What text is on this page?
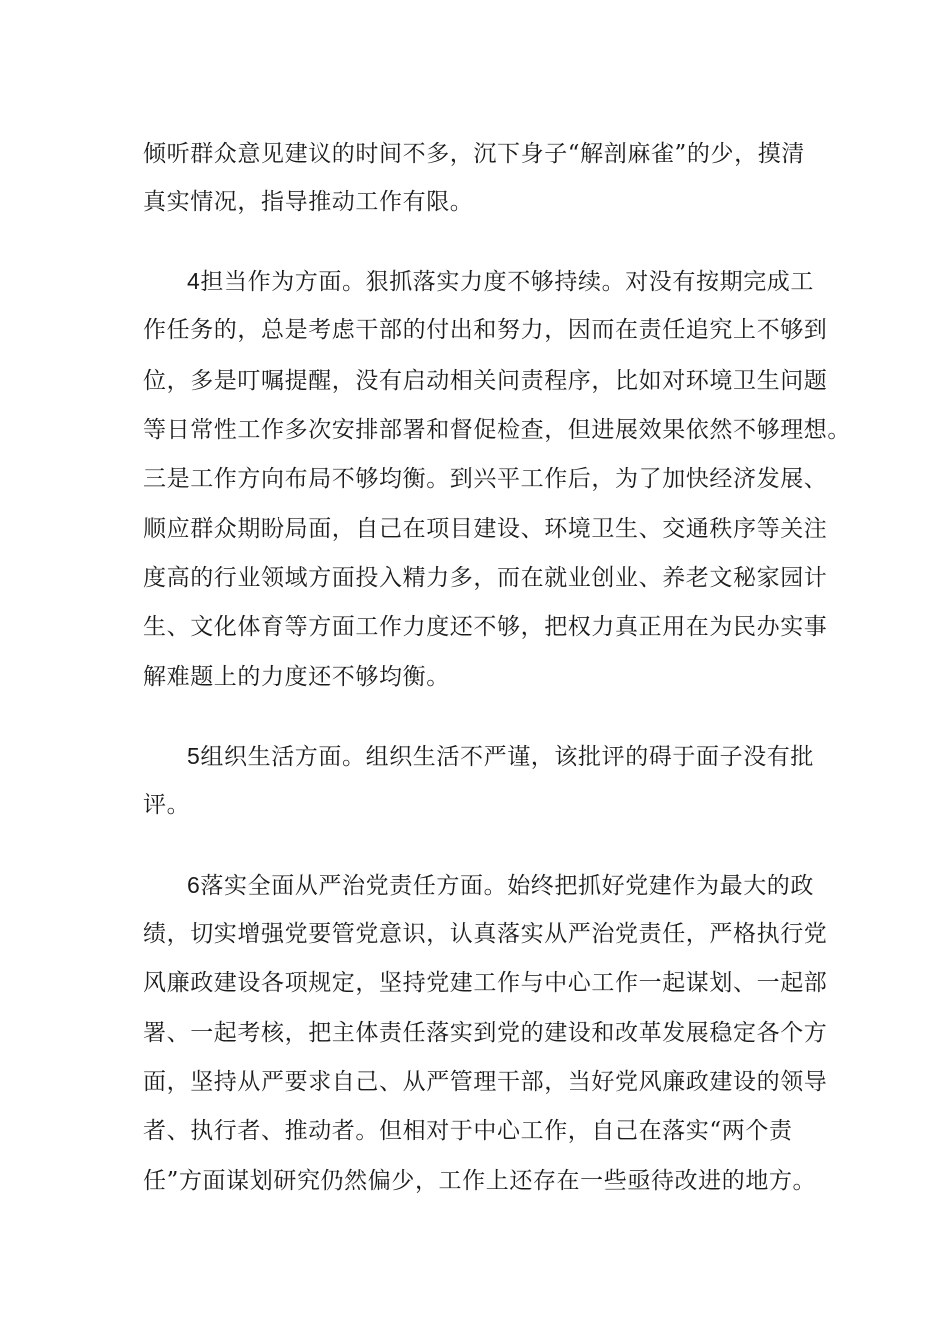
倾听群众意见建议的时间不多，沉下身子“解剖麻雀”的少，摸清
真实情况，指导推动工作有限。
4担当作为方面。狠抓落实力度不够持续。对没有按期完成工
作任务的，总是考虑干部的付出和努力，因而在责任追究上不够到
位，多是叮嘱提醒，没有启动相关问责程序，比如对环境卫生问题
等日常性工作多次安排部署和督促检查，但进展效果依然不够理想。
三是工作方向布局不够均衡。到兴平工作后，为了加快经济发展、
顺应群众期盼局面，自己在项目建设、环境卫生、交通秩序等关注
度高的行业领域方面投入精力多，而在就业创业、养老文秘家园计
生、文化体育等方面工作力度还不够，把权力真正用在为民办实事
解难题上的力度还不够均衡。
5组织生活方面。组织生活不严谨，该批评的碍于面子没有批
评。
6落实全面从严治党责任方面。始终把抓好党建作为最大的政
绩，切实增强党要管党意识，认真落实从严治党责任，严格执行党
风廉政建设各项规定，坚持党建工作与中心工作一起谋划、一起部
署、一起考核，把主体责任落实到党的建设和改革发展稳定各个方
面，坚持从严要求自己、从严管理干部，当好党风廉政建设的领导
者、执行者、推动者。但相对于中心工作，自己在落实“两个责
任”方面谋划研究仍然偏少，工作上还存在一些亟待改进的地方。
